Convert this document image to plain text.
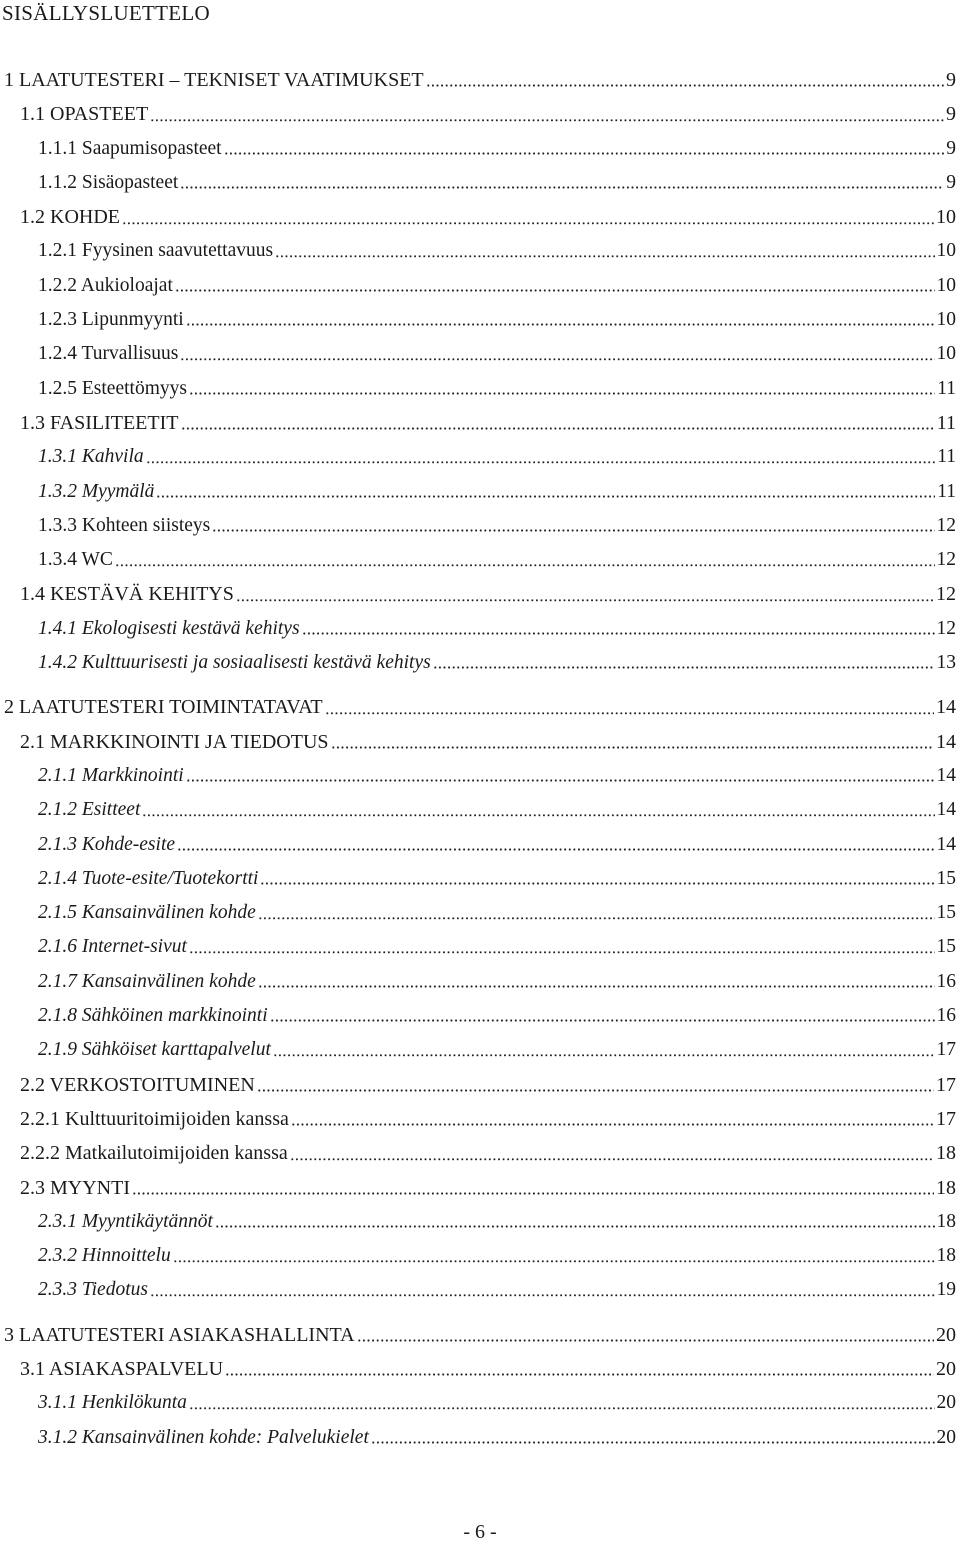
SISÄLLYSLUETTELO
1 LAATUTESTERI – TEKNISET VAATIMUKSET	9
1.1 OPASTEET	9
1.1.1 Saapumisopasteet	9
1.1.2 Sisäopasteet	9
1.2 KOHDE	10
1.2.1 Fyysinen saavutettavuus	10
1.2.2 Aukioloajat	10
1.2.3 Lipunmyynti	10
1.2.4 Turvallisuus	10
1.2.5 Esteettömyys	11
1.3 FASILITEETIT	11
1.3.1 Kahvila	11
1.3.2 Myymälä	11
1.3.3 Kohteen siisteys	12
1.3.4 WC	12
1.4 KESTÄVÄ KEHITYS	12
1.4.1 Ekologisesti kestävä kehitys	12
1.4.2 Kulttuurisesti ja sosiaalisesti kestävä kehitys	13
2 LAATUTESTERI TOIMINTATAVAT	14
2.1 MARKKINOINTI JA TIEDOTUS	14
2.1.1 Markkinointi	14
2.1.2 Esitteet	14
2.1.3 Kohde-esite	14
2.1.4 Tuote-esite/Tuotekortti	15
2.1.5 Kansainvälinen kohde	15
2.1.6 Internet-sivut	15
2.1.7 Kansainvälinen kohde	16
2.1.8 Sähköinen markkinointi	16
2.1.9 Sähköiset karttapalvelut	17
2.2 VERKOSTOITUMINEN	17
2.2.1 Kulttuuritoimijoiden kanssa	17
2.2.2 Matkailutoimijoiden kanssa	18
2.3 MYYNTI	18
2.3.1 Myyntikäytännöt	18
2.3.2 Hinnoittelu	18
2.3.3 Tiedotus	19
3 LAATUTESTERI ASIAKASHALLINTA	20
3.1 ASIAKASPALVELU	20
3.1.1 Henkilökunta	20
3.1.2 Kansainvälinen kohde: Palvelukielet	20
- 6 -
